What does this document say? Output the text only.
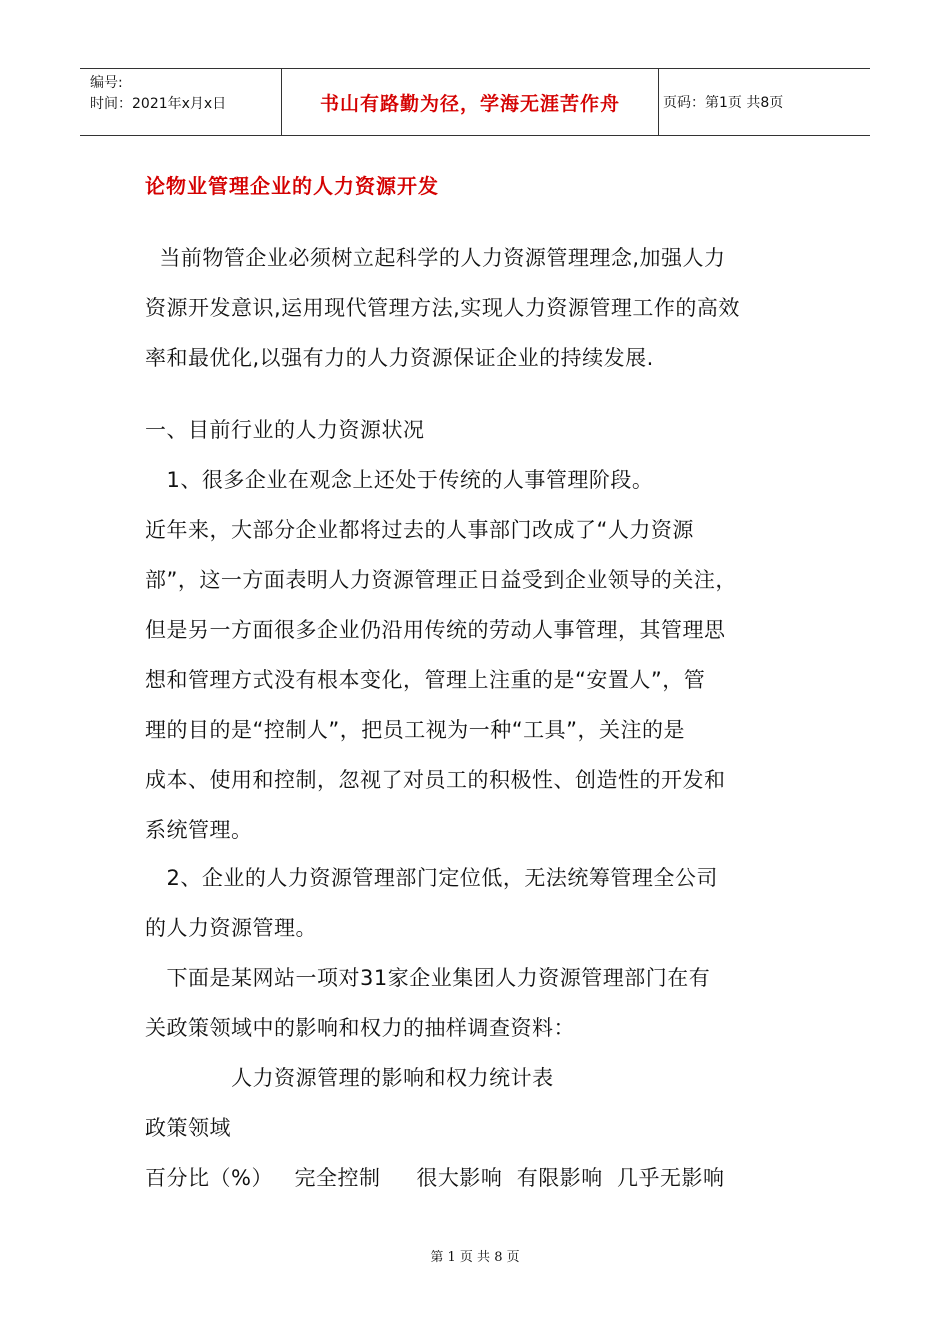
编号:
时间：2021年x月x日	书山有路勤为径，学海无涯苦作舟	页码：第1页 共8页
论物业管理企业的人力资源开发
当前物管企业必须树立起科学的人力资源管理理念,加强人力
资源开发意识,运用现代管理方法,实现人力资源管理工作的高效
率和最优化,以强有力的人力资源保证企业的持续发展.
一、目前行业的人力资源状况
1、很多企业在观念上还处于传统的人事管理阶段。
近年来，大部分企业都将过去的人事部门改成了“人力资源
部”，这一方面表明人力资源管理正日益受到企业领导的关注，
但是另一方面很多企业仍沿用传统的劳动人事管理，其管理思
想和管理方式没有根本变化，管理上注重的是“安置人”，管
理的目的是“控制人”，把员工视为一种“工具”，关注的是
成本、使用和控制，忽视了对员工的积极性、创造性的开发和
系统管理。
2、企业的人力资源管理部门定位低，无法统筹管理全公司
的人力资源管理。
下面是某网站一项对31家企业集团人力资源管理部门在有
关政策领域中的影响和权力的抽样调查资料：
人力资源管理的影响和权力统计表
政策领域
百分比（%）   完全控制     很大影响  有限影响  几乎无影响
第 1 页 共 8 页
